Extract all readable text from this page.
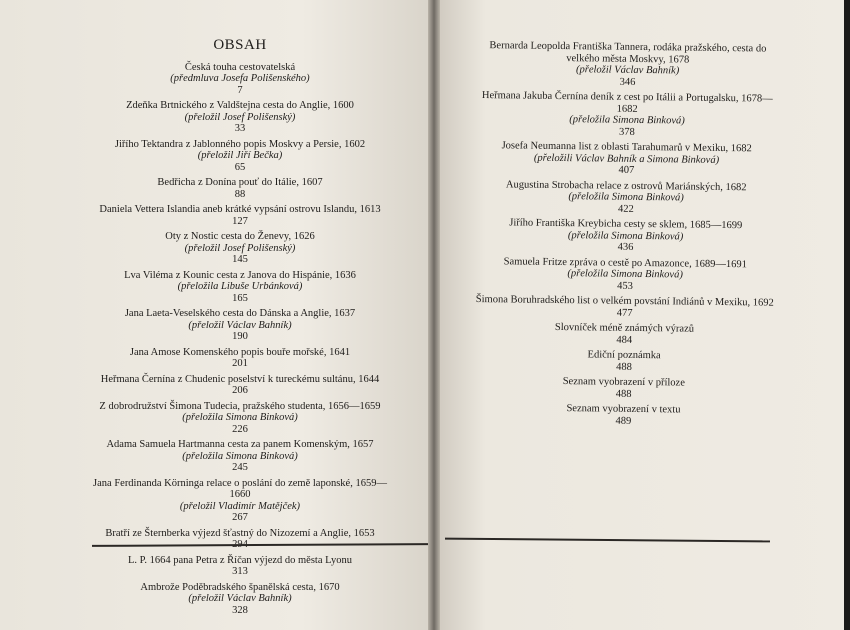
OBSAH
Česká touha cestovatelská
(předmluva Josefa Polišenského)
7
Zdeňka Brtnického z Valdštejna cesta do Anglie, 1600
(přeložil Josef Polišenský)
33
Jiřího Tektandra z Jablonného popis Moskvy a Persie, 1602
(přeložil Jiří Bečka)
65
Bedřicha z Donína pouť do Itálie, 1607
88
Daniela Vettera Islandia aneb krátké vypsání ostrovu Islandu, 1613
127
Oty z Nostic cesta do Ženevy, 1626
(přeložil Josef Polišenský)
145
Lva Viléma z Kounic cesta z Janova do Hispánie, 1636
(přeložila Libuše Urbánková)
165
Jana Laeta-Veselského cesta do Dánska a Anglie, 1637
(přeložil Václav Bahník)
190
Jana Amose Komenského popis bouře mořské, 1641
201
Heřmana Černína z Chudenic poselství k tureckému sultánu, 1644
206
Z dobrodružství Šimona Tudecia, pražského studenta, 1656—1659
(přeložila Simona Binková)
226
Adama Samuela Hartmanna cesta za panem Komenským, 1657
(přeložila Simona Binková)
245
Jana Ferdinanda Körninga relace o poslání do země laponské, 1659—1660
(přeložil Vladimír Matějček)
267
Bratří ze Šternberka výjezd šťastný do Nizozemí a Anglie, 1653
L. P. 1664 pana Petra z Říčan výjezd do města Lyonu
313
Ambrože Poděbradského španělská cesta, 1670
(přeložil Václav Bahník)
328
Bernarda Leopolda Františka Tannera, rodáka pražského, cesta do velkého města Moskvy, 1678
(přeložil Václav Bahník)
346
Heřmana Jakuba Černína deník z cest po Itálii a Portugalsku, 1678—1682
(přeložila Simona Binková)
378
Josefa Neumanna list z oblasti Tarahumarů v Mexiku, 1682
(přeložili Václav Bahník a Simona Binková)
407
Augustina Strobacha relace z ostrovů Mariánských, 1682
(přeložila Simona Binková)
422
Jiřího Františka Kreybicha cesty se sklem, 1685—1699
(přeložila Simona Binková)
436
Samuela Fritze zpráva o cestě po Amazonce, 1689—1691
(přeložila Simona Binková)
453
Šimona Boruhradského list o velkém povstání Indiánů v Mexiku, 1692
477
Slovníček méně známých výrazů
484
Ediční poznámka
488
Seznam vyobrazení v příloze
488
Seznam vyobrazení v textu
489
